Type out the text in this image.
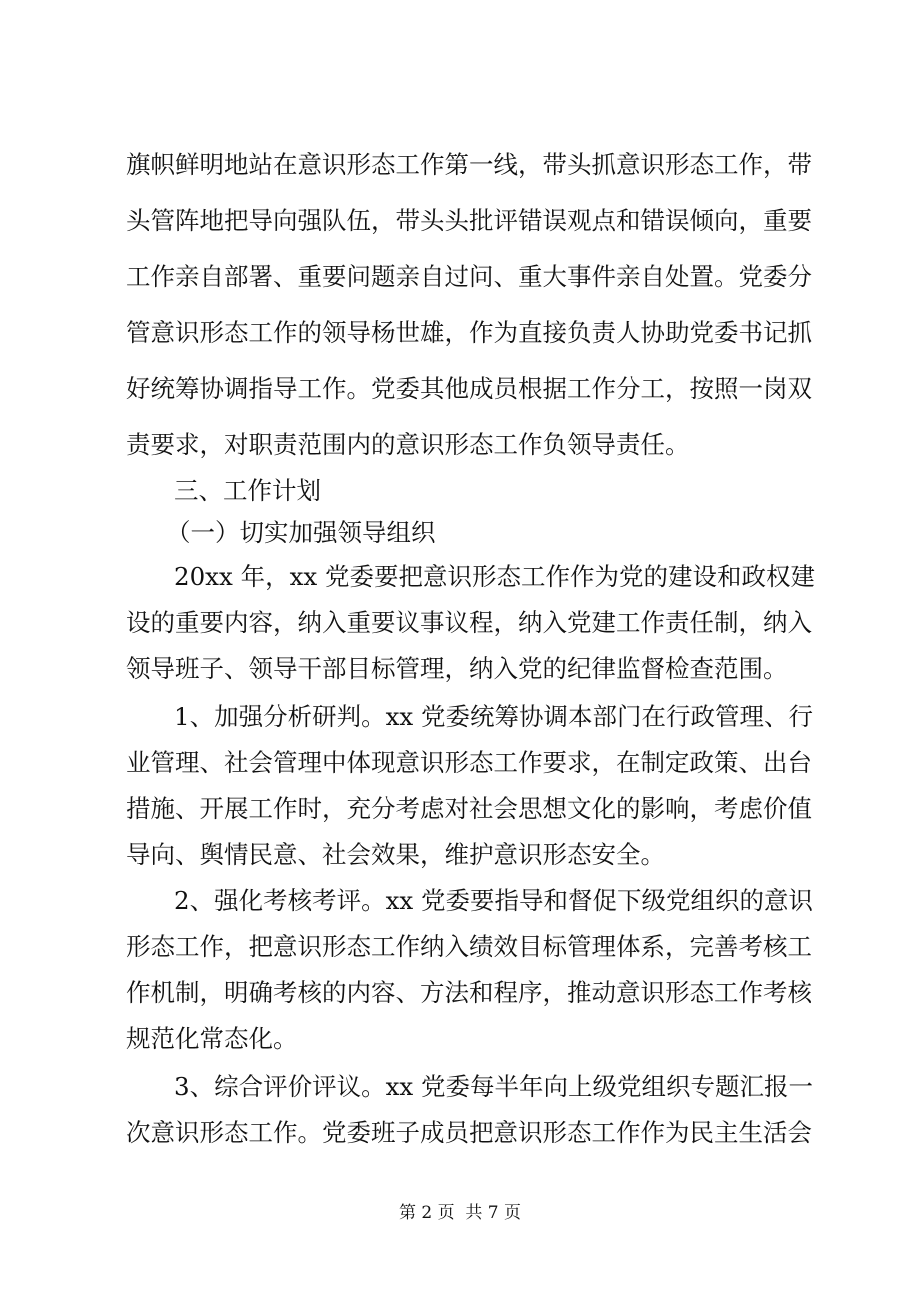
旗帜鲜明地站在意识形态工作第一线，带头抓意识形态工作，带
头管阵地把导向强队伍，带头头批评错误观点和错误倾向，重要
工作亲自部署、重要问题亲自过问、重大事件亲自处置。党委分
管意识形态工作的领导杨世雄，作为直接负责人协助党委书记抓
好统筹协调指导工作。党委其他成员根据工作分工，按照一岗双
责要求，对职责范围内的意识形态工作负领导责任。
三、工作计划
（一）切实加强领导组织
20xx 年，xx 党委要把意识形态工作作为党的建设和政权建
设的重要内容，纳入重要议事议程，纳入党建工作责任制，纳入
领导班子、领导干部目标管理，纳入党的纪律监督检查范围。
1、加强分析研判。xx 党委统筹协调本部门在行政管理、行
业管理、社会管理中体现意识形态工作要求，在制定政策、出台
措施、开展工作时，充分考虑对社会思想文化的影响，考虑价值
导向、舆情民意、社会效果，维护意识形态安全。
2、强化考核考评。xx 党委要指导和督促下级党组织的意识
形态工作，把意识形态工作纳入绩效目标管理体系，完善考核工
作机制，明确考核的内容、方法和程序，推动意识形态工作考核
规范化常态化。
3、综合评价评议。xx 党委每半年向上级党组织专题汇报一
次意识形态工作。党委班子成员把意识形态工作作为民主生活会
第 2 页  共 7 页
